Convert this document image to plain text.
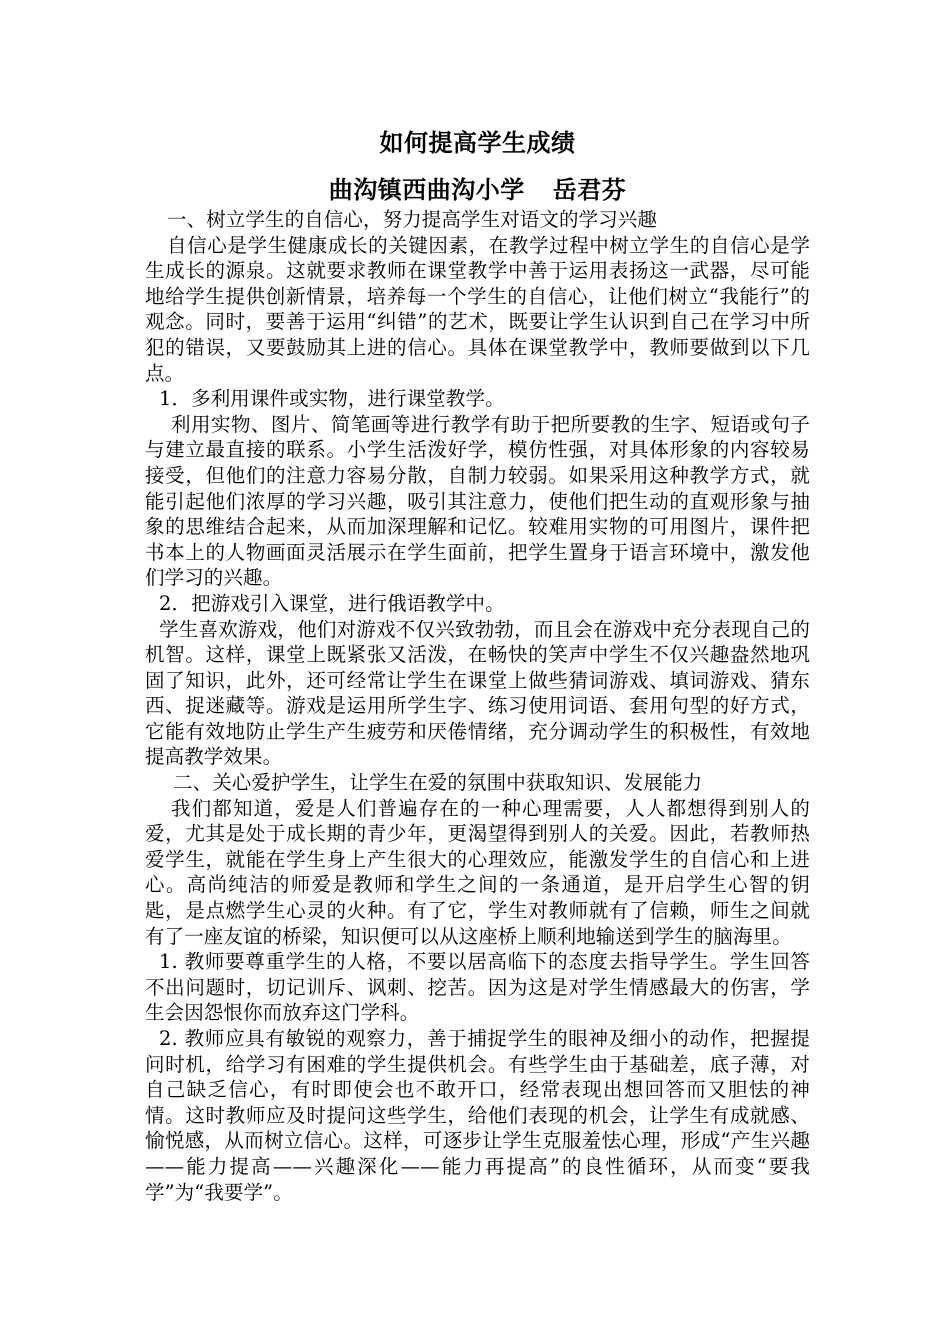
如何提高学生成绩
曲沟镇西曲沟小学 岳君芬

一、树立学生的自信心，努力提高学生对语文的学习兴趣

自信心是学生健康成长的关键因素，在教学过程中树立学生的自信心是学生成长的源泉。这就要求教师在课堂教学中善于运用表扬这一武器，尽可能地给学生提供创新情景，培养每一个学生的自信心，让他们树立“我能行”的观念。同时，要善于运用“纠错”的艺术，既要让学生认识到自己在学习中所犯的错误，又要鼓励其上进的信心。具体在课堂教学中，教师要做到以下几点。

1．多利用课件或实物，进行课堂教学。

利用实物、图片、简笔画等进行教学有助于把所要教的生字、短语或句子与建立最直接的联系。小学生活泼好学，模仿性强，对具体形象的内容较易接受，但他们的注意力容易分散，自制力较弱。如果采用这种教学方式，就能引起他们浓厚的学习兴趣，吸引其注意力，使他们把生动的直观形象与抽象的思维结合起来，从而加深理解和记忆。较难用实物的可用图片，课件把书本上的人物画面灵活展示在学生面前，把学生置身于语言环境中，激发他们学习的兴趣。

2．把游戏引入课堂，进行俄语教学中。

学生喜欢游戏，他们对游戏不仅兴致勃勃，而且会在游戏中充分表现自己的机智。这样，课堂上既紧张又活泼，在畅快的笑声中学生不仅兴趣盎然地巩固了知识，此外，还可经常让学生在课堂上做些猜词游戏、填词游戏、猜东西、捉迷藏等。游戏是运用所学生字、练习使用词语、套用句型的好方式，它能有效地防止学生产生疲劳和厌倦情绪，充分调动学生的积极性，有效地提高教学效果。

二、关心爱护学生，让学生在爱的氛围中获取知识、发展能力

我们都知道，爱是人们普遍存在的一种心理需要，人人都想得到别人的爱，尤其是处于成长期的青少年，更渴望得到别人的关爱。因此，若教师热爱学生，就能在学生身上产生很大的心理效应，能激发学生的自信心和上进心。高尚纯洁的师爱是教师和学生之间的一条通道，是开启学生心智的钥匙，是点燃学生心灵的火种。有了它，学生对教师就有了信赖，师生之间就有了一座友谊的桥梁，知识便可以从这座桥上顺利地输送到学生的脑海里。

1. 教师要尊重学生的人格，不要以居高临下的态度去指导学生。学生回答不出问题时，切记训斥、讽刺、挖苦。因为这是对学生情感最大的伤害，学生会因怨恨你而放弃这门学科。

2. 教师应具有敏锐的观察力，善于捕捉学生的眼神及细小的动作，把握提问时机，给学习有困难的学生提供机会。有些学生由于基础差，底子薄，对自己缺乏信心，有时即使会也不敢开口，经常表现出想回答而又胆怯的神情。这时教师应及时提问这些学生，给他们表现的机会，让学生有成就感、愉悦感，从而树立信心。这样，可逐步让学生克服羞怯心理，形成“产生兴趣——能力提高——兴趣深化——能力再提高”的良性循环，从而变“要我学”为“我要学”。
